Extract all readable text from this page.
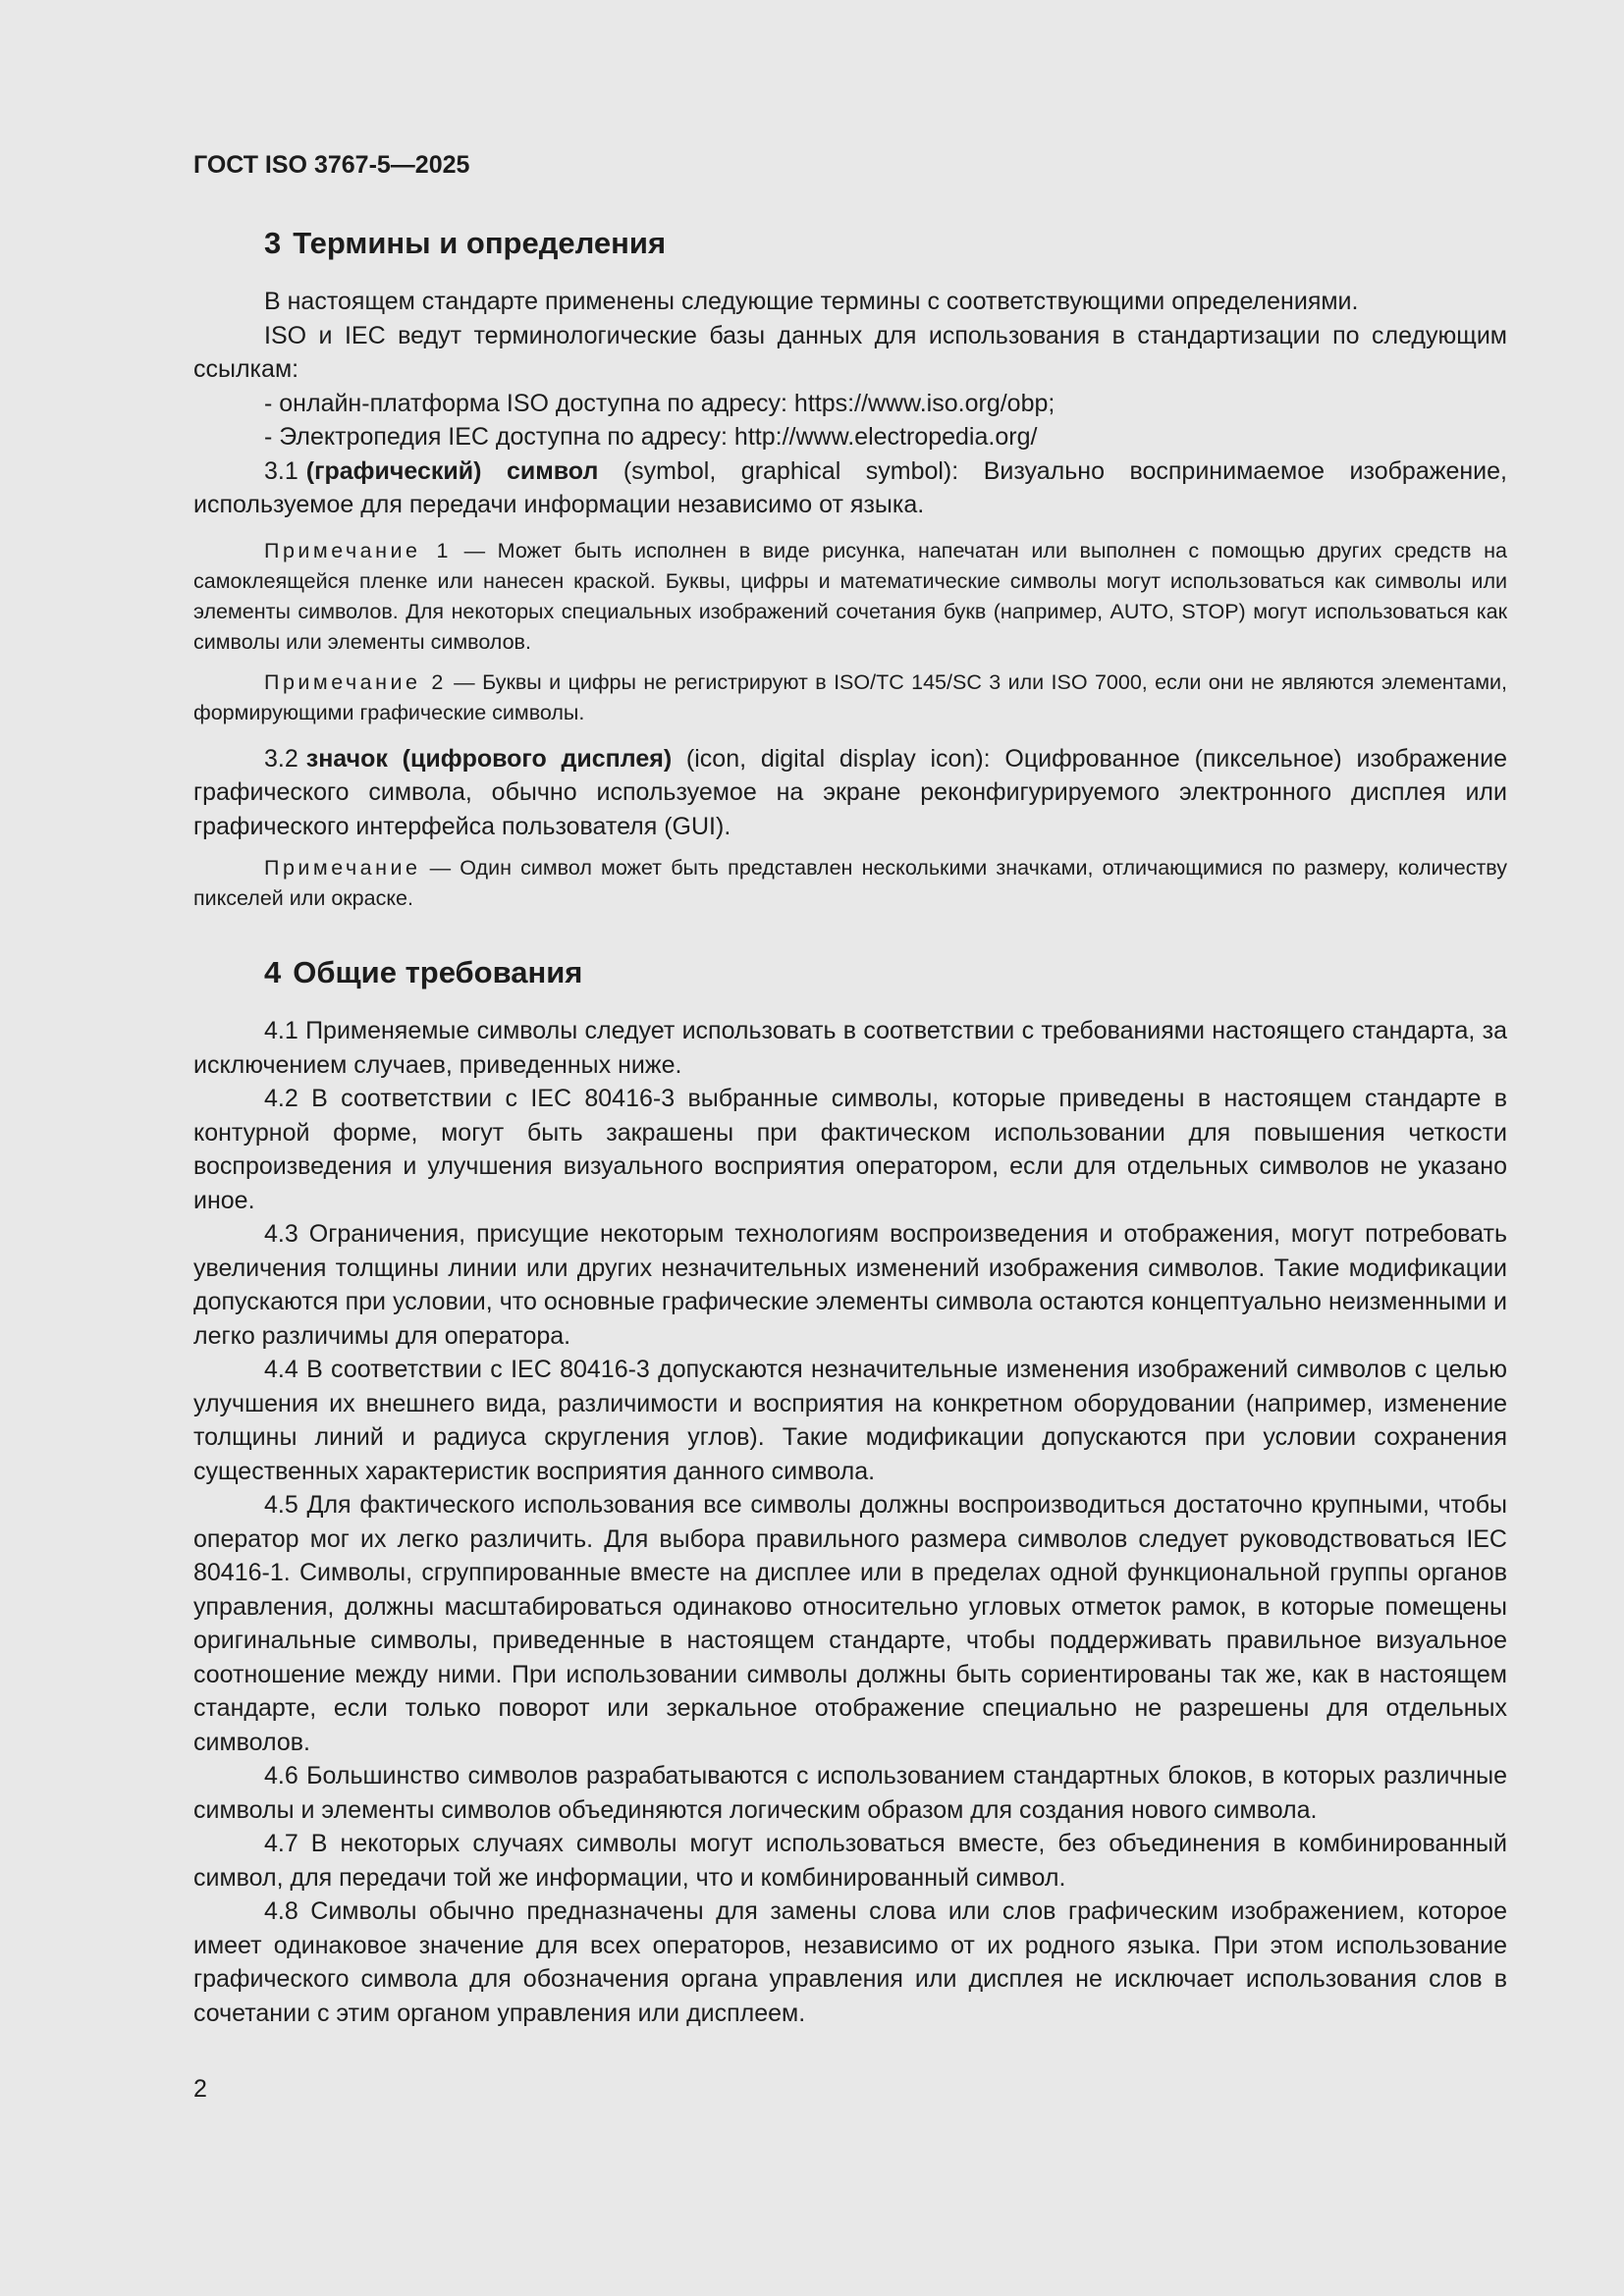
ГОСТ ISO 3767-5—2025
3 Термины и определения

В настоящем стандарте применены следующие термины с соответствующими определениями.

ISO и IEC ведут терминологические базы данных для использования в стандартизации по следующим ссылкам:

- онлайн-платформа ISO доступна по адресу: https://www.iso.org/obp;

- Электропедия IEC доступна по адресу: http://www.electropedia.org/

3.1 (графический) символ (symbol, graphical symbol): Визуально воспринимаемое изображение, используемое для передачи информации независимо от языка.

Примечание 1 — Может быть исполнен в виде рисунка, напечатан или выполнен с помощью других средств на самоклеящейся пленке или нанесен краской. Буквы, цифры и математические символы могут использоваться как символы или элементы символов. Для некоторых специальных изображений сочетания букв (например, AUTO, STOP) могут использоваться как символы или элементы символов.
Примечание 2 — Буквы и цифры не регистрируют в ISO/TC 145/SC 3 или ISO 7000, если они не являются элементами, формирующими графические символы.

3.2 значок (цифрового дисплея) (icon, digital display icon): Оцифрованное (пиксельное) изображение графического символа, обычно используемое на экране реконфигурируемого электронного дисплея или графического интерфейса пользователя (GUI).

Примечание — Один символ может быть представлен несколькими значками, отличающимися по размеру, количеству пикселей или окраске.
4 Общие требования

4.1 Применяемые символы следует использовать в соответствии с требованиями настоящего стандарта, за исключением случаев, приведенных ниже.

4.2 В соответствии с IEC 80416-3 выбранные символы, которые приведены в настоящем стандарте в контурной форме, могут быть закрашены при фактическом использовании для повышения четкости воспроизведения и улучшения визуального восприятия оператором, если для отдельных символов не указано иное.

4.3 Ограничения, присущие некоторым технологиям воспроизведения и отображения, могут потребовать увеличения толщины линии или других незначительных изменений изображения символов. Такие модификации допускаются при условии, что основные графические элементы символа остаются концептуально неизменными и легко различимы для оператора.

4.4 В соответствии с IEC 80416-3 допускаются незначительные изменения изображений символов с целью улучшения их внешнего вида, различимости и восприятия на конкретном оборудовании (например, изменение толщины линий и радиуса скругления углов). Такие модификации допускаются при условии сохранения существенных характеристик восприятия данного символа.

4.5 Для фактического использования все символы должны воспроизводиться достаточно крупными, чтобы оператор мог их легко различить. Для выбора правильного размера символов следует руководствоваться IEC 80416-1. Символы, сгруппированные вместе на дисплее или в пределах одной функциональной группы органов управления, должны масштабироваться одинаково относительно угловых отметок рамок, в которые помещены оригинальные символы, приведенные в настоящем стандарте, чтобы поддерживать правильное визуальное соотношение между ними. При использовании символы должны быть сориентированы так же, как в настоящем стандарте, если только поворот или зеркальное отображение специально не разрешены для отдельных символов.

4.6 Большинство символов разрабатываются с использованием стандартных блоков, в которых различные символы и элементы символов объединяются логическим образом для создания нового символа.

4.7 В некоторых случаях символы могут использоваться вместе, без объединения в комбинированный символ, для передачи той же информации, что и комбинированный символ.

4.8 Символы обычно предназначены для замены слова или слов графическим изображением, которое имеет одинаковое значение для всех операторов, независимо от их родного языка. При этом использование графического символа для обозначения органа управления или дисплея не исключает использования слов в сочетании с этим органом управления или дисплеем.

2
